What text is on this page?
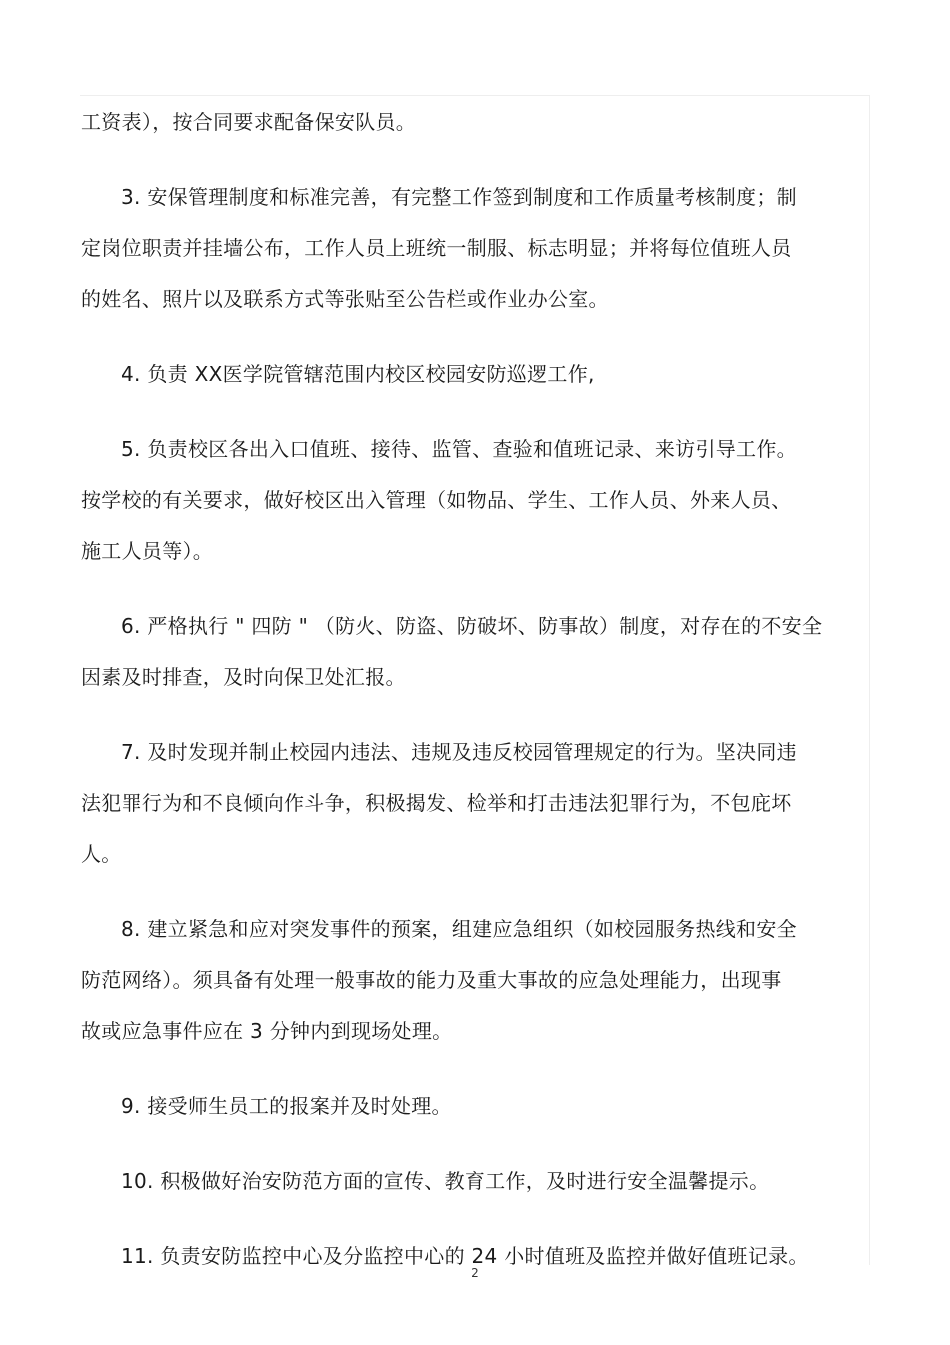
工资表），按合同要求配备保安队员。
3. 安保管理制度和标准完善，有完整工作签到制度和工作质量考核制度；制
定岗位职责并挂墙公布，工作人员上班统一制服、标志明显；并将每位值班人员
的姓名、照片以及联系方式等张贴至公告栏或作业办公室。
4. 负责 XX医学院管辖范围内校区校园安防巡逻工作,
5. 负责校区各出入口值班、接待、监管、查验和值班记录、来访引导工作。
按学校的有关要求，做好校区出入管理（如物品、学生、工作人员、外来人员、
施工人员等）。
6. 严格执行 " 四防 " （防火、防盗、防破坏、防事故）制度，对存在的不安全
因素及时排查，及时向保卫处汇报。
7. 及时发现并制止校园内违法、违规及违反校园管理规定的行为。坚决同违
法犯罪行为和不良倾向作斗争，积极揭发、检举和打击违法犯罪行为，不包庇坏
人。
8. 建立紧急和应对突发事件的预案，组建应急组织（如校园服务热线和安全
防范网络）。须具备有处理一般事故的能力及重大事故的应急处理能力，出现事
故或应急事件应在 3 分钟内到现场处理。
9. 接受师生员工的报案并及时处理。
10. 积极做好治安防范方面的宣传、教育工作，及时进行安全温馨提示。
11. 负责安防监控中心及分监控中心的 24 小时值班及监控并做好值班记录。
2
